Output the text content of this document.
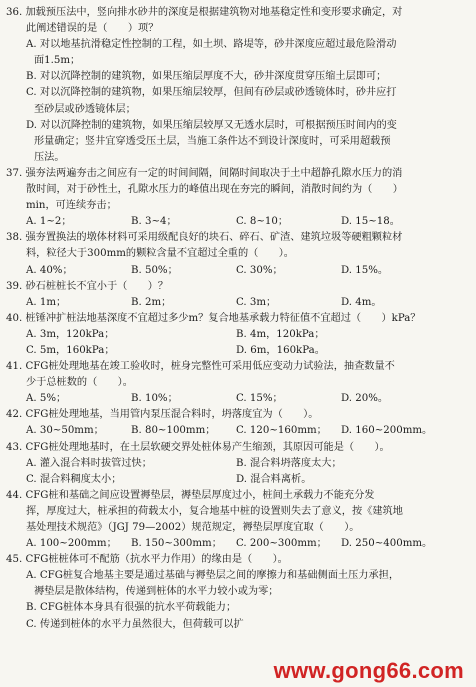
36. 加载预压法中，竖向排水砂井的深度是根据建筑物对地基稳定性和变形要求确定，对
此阐述错误的是（　　）项？
A. 对以地基抗滑稳定性控制的工程，如土坝、路堤等，砂井深度应超过最危险滑动
面1.5m；
B. 对以沉降控制的建筑物，如果压缩层厚度不大，砂井深度贯穿压缩土层即可；
C. 对以沉降控制的建筑物，如果压缩层较厚，但间有砂层或砂透镜体时，砂井应打
至砂层或砂透镜体层；
D. 对以沉降控制的建筑物，如果压缩层较厚又无透水层时，可根据预压时间内的变
形量确定；竖井宜穿透受压土层，当施工条件达不到设计深度时，可采用超载预
压法。
37. 强夯法两遍夯击之间应有一定的时间间隔，间隔时间取决于土中超静孔隙水压力的消
散时间，对于砂性土，孔隙水压力的峰值出现在夯完的瞬间，消散时间约为（　　）
min，可连续夯击；
A. 1~2；	B. 3~4；	C. 8~10；	D. 15~18。
38. 强夯置换法的墩体材料可采用级配良好的块石、碎石、矿渣、建筑垃圾等硬粗颗粒材
料，粒径大于300mm的颗粒含量不宜超过全重的（　　）。
A. 40%；	B. 50%；	C. 30%；	D. 15%。
39. 砂石桩桩长不宜小于（　　）？
A. 1m；	B. 2m；	C. 3m；	D. 4m。
40. 桩锤冲扩桩法地基深度不宜超过多少m？复合地基承载力特征值不宜超过（　　）kPa？
A. 3m，120kPa；	B. 4m，120kPa；
C. 5m，160kPa；	D. 6m，160kPa。
41. CFG桩处理地基在竣工验收时，桩身完整性可采用低应变动力试验法，抽查数量不
少于总桩数的（　　）。
A. 5%；	B. 10%；	C. 15%；	D. 20%。
42. CFG桩处理地基，当用管内泵压混合料时，坍落度宜为（　　）。
A. 30~50mm；	B. 80~100mm；	C. 120~160mm；	D. 160~200mm。
43. CFG桩处理地基时，在土层软硬交界处桩体易产生缩颈，其原因可能是（　　）。
A. 灌入混合料时拔管过快；	B. 混合料坍落度太大；
C. 混合料稠度太小；	D. 混合料离析。
44. CFG桩和基础之间应设置褥垫层，褥垫层厚度过小，桩间土承载力不能充分发
挥，厚度过大，桩承担的荷载太小，复合地基中桩的设置则失去了意义，按《建筑地
基处理技术规范》（JGJ 79—2002）规范规定，褥垫层厚度宜取（　　）。
A. 100~200mm；	B. 150~300mm；	C. 200~300mm；	D. 250~400mm。
45. CFG桩桩体可不配筋（抗水平力作用）的缘由是（　　）。
A. CFG桩复合地基主要是通过基础与褥垫层之间的摩擦力和基础侧面土压力承担，
褥垫层是散体结构，传递到桩体的水平力较小或为零；
B. CFG桩体本身具有很强的抗水平荷载能力；
C. 传递到桩体的水平力虽然很大，但荷载可以扩
www.gong66.com
